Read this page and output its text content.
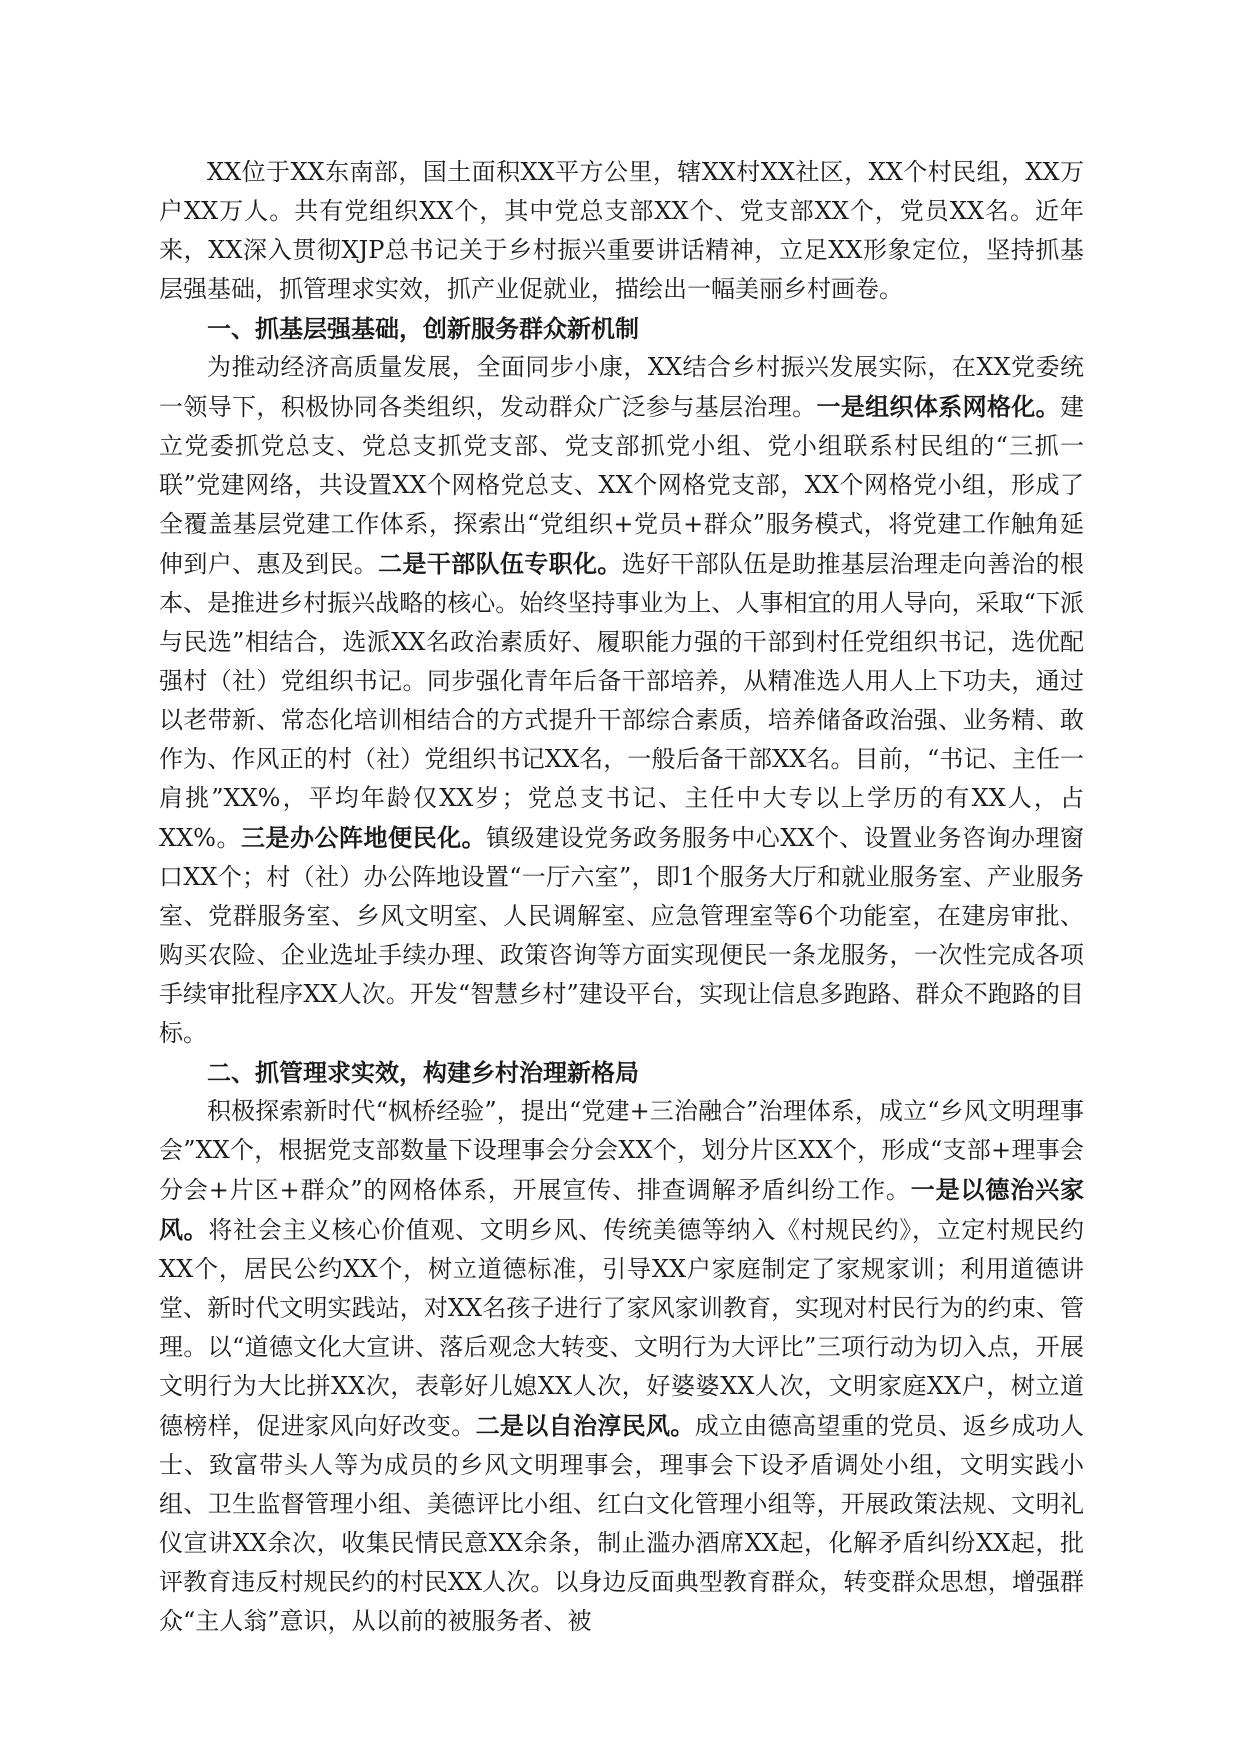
XX位于XX东南部，国土面积XX平方公里，辖XX村XX社区，XX个村民组，XX万户XX万人。共有党组织XX个，其中党总支部XX个、党支部XX个，党员XX名。近年来，XX深入贯彻XJP总书记关于乡村振兴重要讲话精神，立足XX形象定位，坚持抓基层强基础，抓管理求实效，抓产业促就业，描绘出一幅美丽乡村画卷。

一、抓基层强基础，创新服务群众新机制

为推动经济高质量发展，全面同步小康，XX结合乡村振兴发展实际，在XX党委统一领导下，积极协同各类组织，发动群众广泛参与基层治理。一是组织体系网格化。建立党委抓党总支、党总支抓党支部、党支部抓党小组、党小组联系村民组的“三抓一联”党建网络，共设置XX个网格党总支、XX个网格党支部，XX个网格党小组，形成了全覆盖基层党建工作体系，探索出“党组织+党员+群众”服务模式，将党建工作触角延伸到户、惠及到民。二是干部队伍专职化。选好干部队伍是助推基层治理走向善治的根本、是推进乡村振兴战略的核心。始终坚持事业为上、人事相宜的用人导向，采取“下派与民选”相结合，选派XX名政治素质好、履职能力强的干部到村任党组织书记，选优配强村（社）党组织书记。同步强化青年后备干部培养，从精准选人用人上下功夫，通过以老带新、常态化培训相结合的方式提升干部综合素质，培养储备政治强、业务精、敢作为、作风正的村（社）党组织书记XX名，一般后备干部XX名。目前，“书记、主任一肩挑”XX%，平均年龄仅XX岁；党总支书记、主任中大专以上学历的有XX人，占XX%。三是办公阵地便民化。镇级建设党务政务服务中心XX个、设置业务咨询办理窗口XX个；村（社）办公阵地设置“一厅六室”，即1个服务大厅和就业服务室、产业服务室、党群服务室、乡风文明室、人民调解室、应急管理室等6个功能室，在建房审批、购买农险、企业选址手续办理、政策咨询等方面实现便民一条龙服务，一次性完成各项手续审批程序XX人次。开发“智慧乡村”建设平台，实现让信息多跑路、群众不跑路的目标。

二、抓管理求实效，构建乡村治理新格局

积极探索新时代“枫桥经验”，提出“党建+三治融合”治理体系，成立“乡风文明理事会”XX个，根据党支部数量下设理事会分会XX个，划分片区XX个，形成“支部+理事会分会+片区+群众”的网格体系，开展宣传、排查调解矛盾纠纷工作。一是以德治兴家风。将社会主义核心价值观、文明乡风、传统美德等纳入《村规民约》，立定村规民约XX个，居民公约XX个，树立道德标准，引导XX户家庭制定了家规家训；利用道德讲堂、新时代文明实践站，对XX名孩子进行了家风家训教育，实现对村民行为的约束、管理。以“道德文化大宣讲、落后观念大转变、文明行为大评比”三项行动为切入点，开展文明行为大比拼XX次，表彰好儿媳XX人次，好婆婆XX人次，文明家庭XX户，树立道德榜样，促进家风向好改变。二是以自治淳民风。成立由德高望重的党员、返乡成功人士、致富带头人等为成员的乡风文明理事会，理事会下设矛盾调处小组，文明实践小组、卫生监督管理小组、美德评比小组、红白文化管理小组等，开展政策法规、文明礼仪宣讲XX余次，收集民情民意XX余条，制止滥办酒席XX起，化解矛盾纠纷XX起，批评教育违反村规民约的村民XX人次。以身边反面典型教育群众，转变群众思想，增强群众“主人翁”意识，从以前的被服务者、被
